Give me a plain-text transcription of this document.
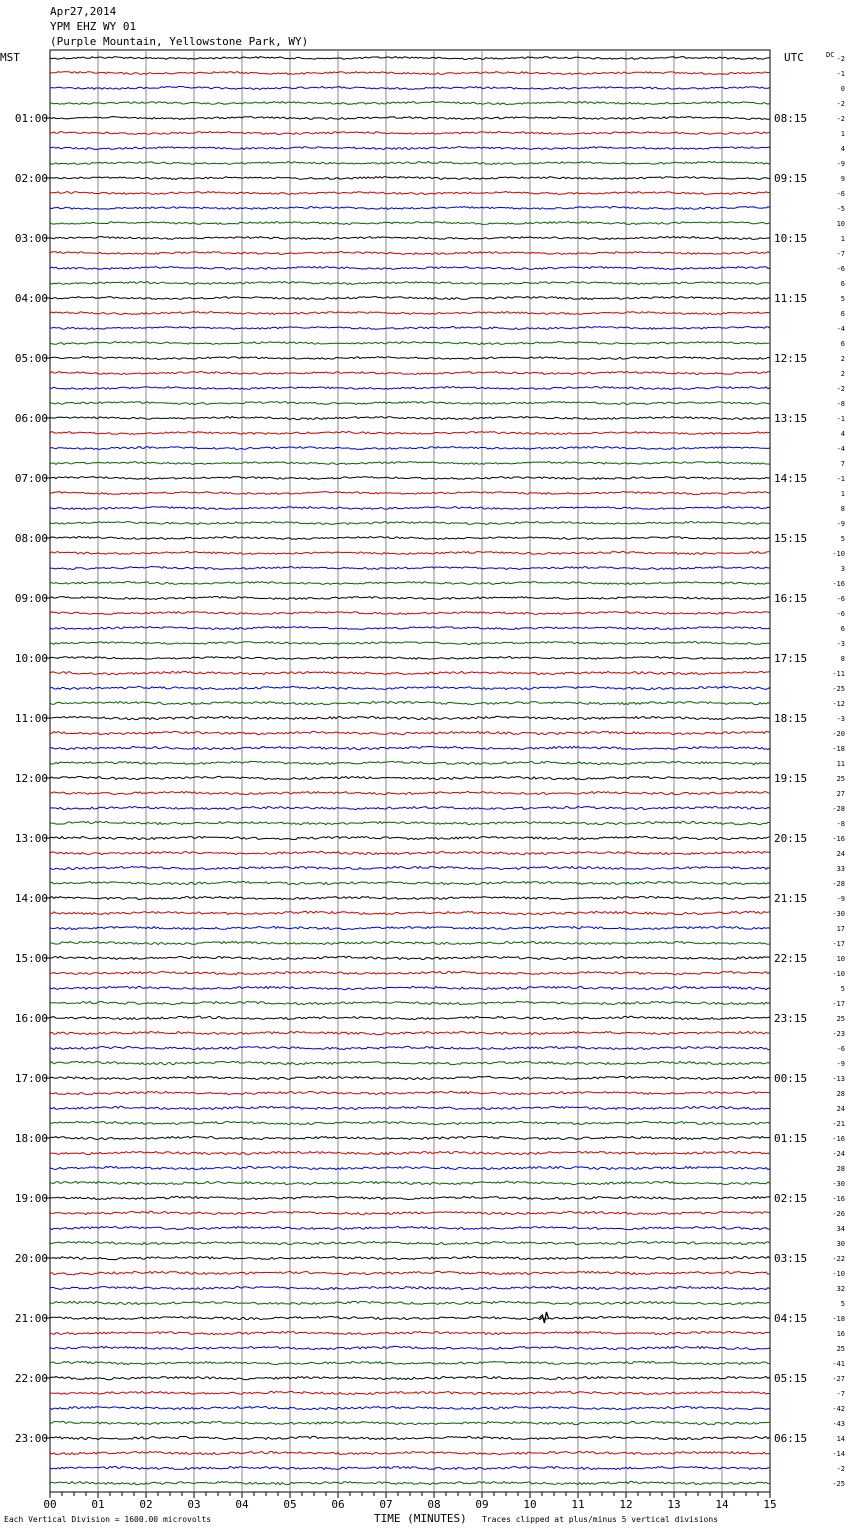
Apr27,2014
YPM EHZ WY 01
(Purple Mountain, Yellowstone Park, WY)
00	01	02	03	04	05	06	07	08	09	10	11	12	13	14	15
MST	UTC	DC
01:00
02:00
03:00
04:00
05:00
06:00
07:00
08:00
09:00
10:00
11:00
12:00
13:00
14:00
15:00
16:00
17:00
18:00
19:00
20:00
21:00
22:00
23:00
08:15
09:15
10:15
11:15
12:15
13:15
14:15
15:15
16:15
17:15
18:15
19:15
20:15
21:15
22:15
23:15
00:15
01:15
02:15
03:15
04:15
05:15
06:15
-2
-1
0
-2
-2
1
4
-9
9
-6
-5
10
1
-7
-6
6
5
6
-4
6
2
2
-2
-8
-1
4
-4
7
-1
1
8
-9
5
-10
3
-16
-6
-6
6
-3
8
-11
-25
-12
-3
-20
-18
11
25
27
-28
-8
-16
24
33
-28
-9
-30
17
-17
10
-10
5
-17
25
-23
-6
-9
-13
28
24
-21
-16
-24
28
-30
-16
-26
34
30
-22
-10
32
5
-18
16
25
-41
-27
-7
-42
-43
14
-14
-2
-25
Each Vertical Division = 1600.00 microvolts	TIME (MINUTES) Traces clipped at plus/minus 5 vertical divisions
